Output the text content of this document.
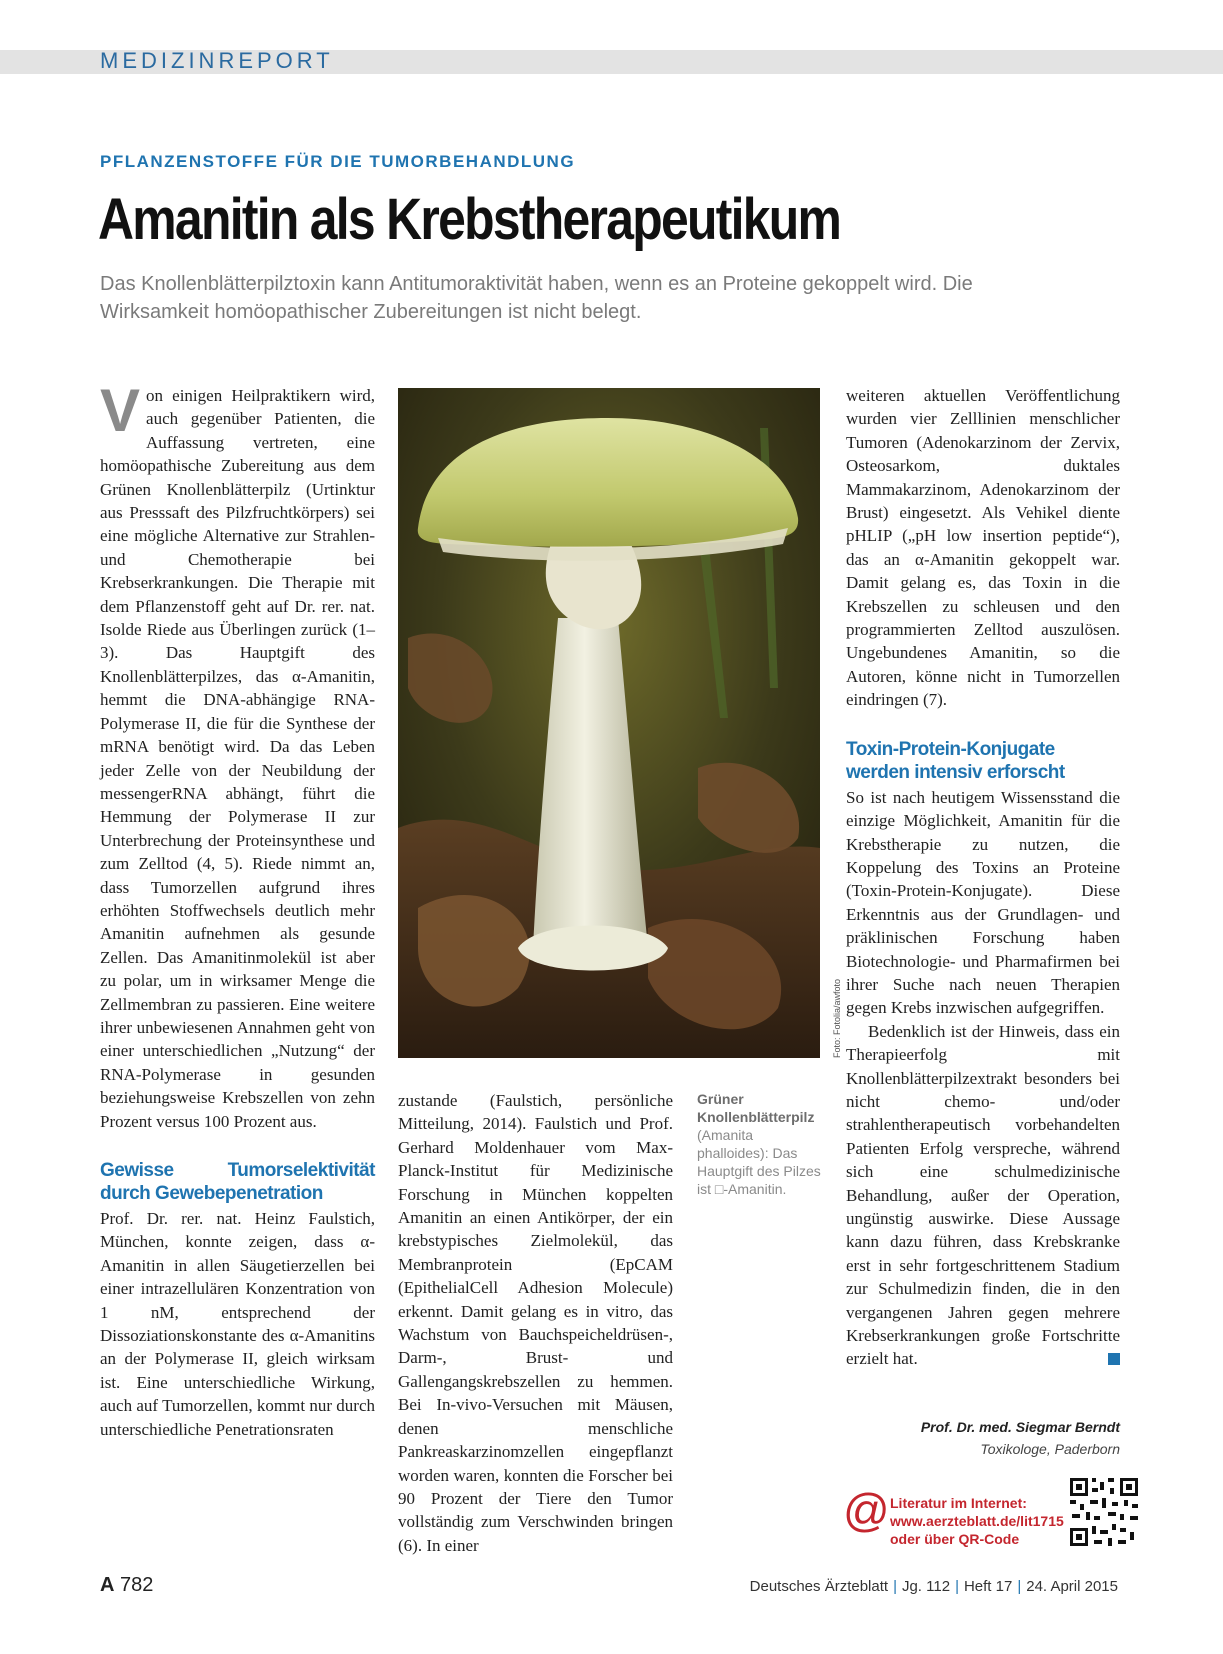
MEDIZINREPORT
PFLANZENSTOFFE FÜR DIE TUMORBEHANDLUNG
Amanitin als Krebstherapeutikum
Das Knollenblätterpilztoxin kann Antitumoraktivität haben, wenn es an Proteine gekoppelt wird. Die Wirksamkeit homöopathischer Zubereitungen ist nicht belegt.

Von einigen Heilpraktikern wird, auch gegenüber Patienten, die Auffassung vertreten, eine homöopathische Zubereitung aus dem Grünen Knollenblätterpilz (Urtinktur aus Presssaft des Pilzfruchtkörpers) sei eine mögliche Alternative zur Strahlen- und Chemotherapie bei Krebserkrankungen. Die Therapie mit dem Pflanzenstoff geht auf Dr. rer. nat. Isolde Riede aus Überlingen zurück (1–3). Das Hauptgift des Knollenblätterpilzes, das α-Amanitin, hemmt die DNA-abhängige RNA-Polymerase II, die für die Synthese der mRNA benötigt wird. Da das Leben jeder Zelle von der Neubildung der messengerRNA abhängt, führt die Hemmung der Polymerase II zur Unterbrechung der Proteinsynthese und zum Zelltod (4, 5). Riede nimmt an, dass Tumorzellen aufgrund ihres erhöhten Stoffwechsels deutlich mehr Amanitin aufnehmen als gesunde Zellen. Das Amanitinmolekül ist aber zu polar, um in wirksamer Menge die Zellmembran zu passieren. Eine weitere ihrer unbewiesenen Annahmen geht von einer unterschiedlichen „Nutzung“ der RNA-Polymerase in gesunden beziehungsweise Krebszellen von zehn Prozent versus 100 Prozent aus.

Gewisse Tumorselektivität durch Gewebepenetration

Prof. Dr. rer. nat. Heinz Faulstich, München, konnte zeigen, dass α-Amanitin in allen Säugetierzellen bei einer intrazellulären Konzentration von 1 nM, entsprechend der Dissoziationskonstante des α-Amanitins an der Polymerase II, gleich wirksam ist. Eine unterschiedliche Wirkung, auch auf Tumorzellen, kommt nur durch unterschiedliche Penetrationsraten

Foto: Fotolia/awfoto

zustande (Faulstich, persönliche Mitteilung, 2014). Faulstich und Prof. Gerhard Moldenhauer vom Max-Planck-Institut für Medizinische Forschung in München koppelten Amanitin an einen Antikörper, der ein krebstypisches Zielmolekül, das Membranprotein (EpCAM (EpithelialCell Adhesion Molecule) erkennt. Damit gelang es in vitro, das Wachstum von Bauchspeicheldrüsen-, Darm-, Brust- und Gallengangskrebszellen zu hemmen. Bei In-vivo-Versuchen mit Mäusen, denen menschliche Pankreaskarzinomzellen eingepflanzt worden waren, konnten die Forscher bei 90 Prozent der Tiere den Tumor vollständig zum Verschwinden bringen (6). In einer

Grüner Knollenblätterpilz (Amanita phalloides): Das Hauptgift des Pilzes ist □-Amanitin.

weiteren aktuellen Veröffentlichung wurden vier Zelllinien menschlicher Tumoren (Adenokarzinom der Zervix, Osteosarkom, duktales Mammakarzinom, Adenokarzinom der Brust) eingesetzt. Als Vehikel diente pHLIP („pH low insertion peptide“), das an α-Amanitin gekoppelt war. Damit gelang es, das Toxin in die Krebszellen zu schleusen und den programmierten Zelltod auszulösen. Ungebundenes Amanitin, so die Autoren, könne nicht in Tumorzellen eindringen (7).

Toxin-Protein-Konjugate werden intensiv erforscht

So ist nach heutigem Wissensstand die einzige Möglichkeit, Amanitin für die Krebstherapie zu nutzen, die Koppelung des Toxins an Proteine (Toxin-Protein-Konjugate). Diese Erkenntnis aus der Grundlagen- und präklinischen Forschung haben Biotechnologie- und Pharmafirmen bei ihrer Suche nach neuen Therapien gegen Krebs inzwischen aufgegriffen.

Bedenklich ist der Hinweis, dass ein Therapieerfolg mit Knollenblätterpilzextrakt besonders bei nicht chemo- und/oder strahlentherapeutisch vorbehandelten Patienten Erfolg verspreche, während sich eine schulmedizinische Behandlung, außer der Operation, ungünstig auswirke. Diese Aussage kann dazu führen, dass Krebskranke erst in sehr fortgeschrittenem Stadium zur Schulmedizin finden, die in den vergangenen Jahren gegen mehrere Krebserkrankungen große Fortschritte erzielt hat.

Prof. Dr. med. Siegmar Berndt
Toxikologe, Paderborn
@ Literatur im Internet:
www.aerzteblatt.de/lit1715
oder über QR-Code
A 782	Deutsches Ärzteblatt | Jg. 112 | Heft 17 | 24. April 2015
